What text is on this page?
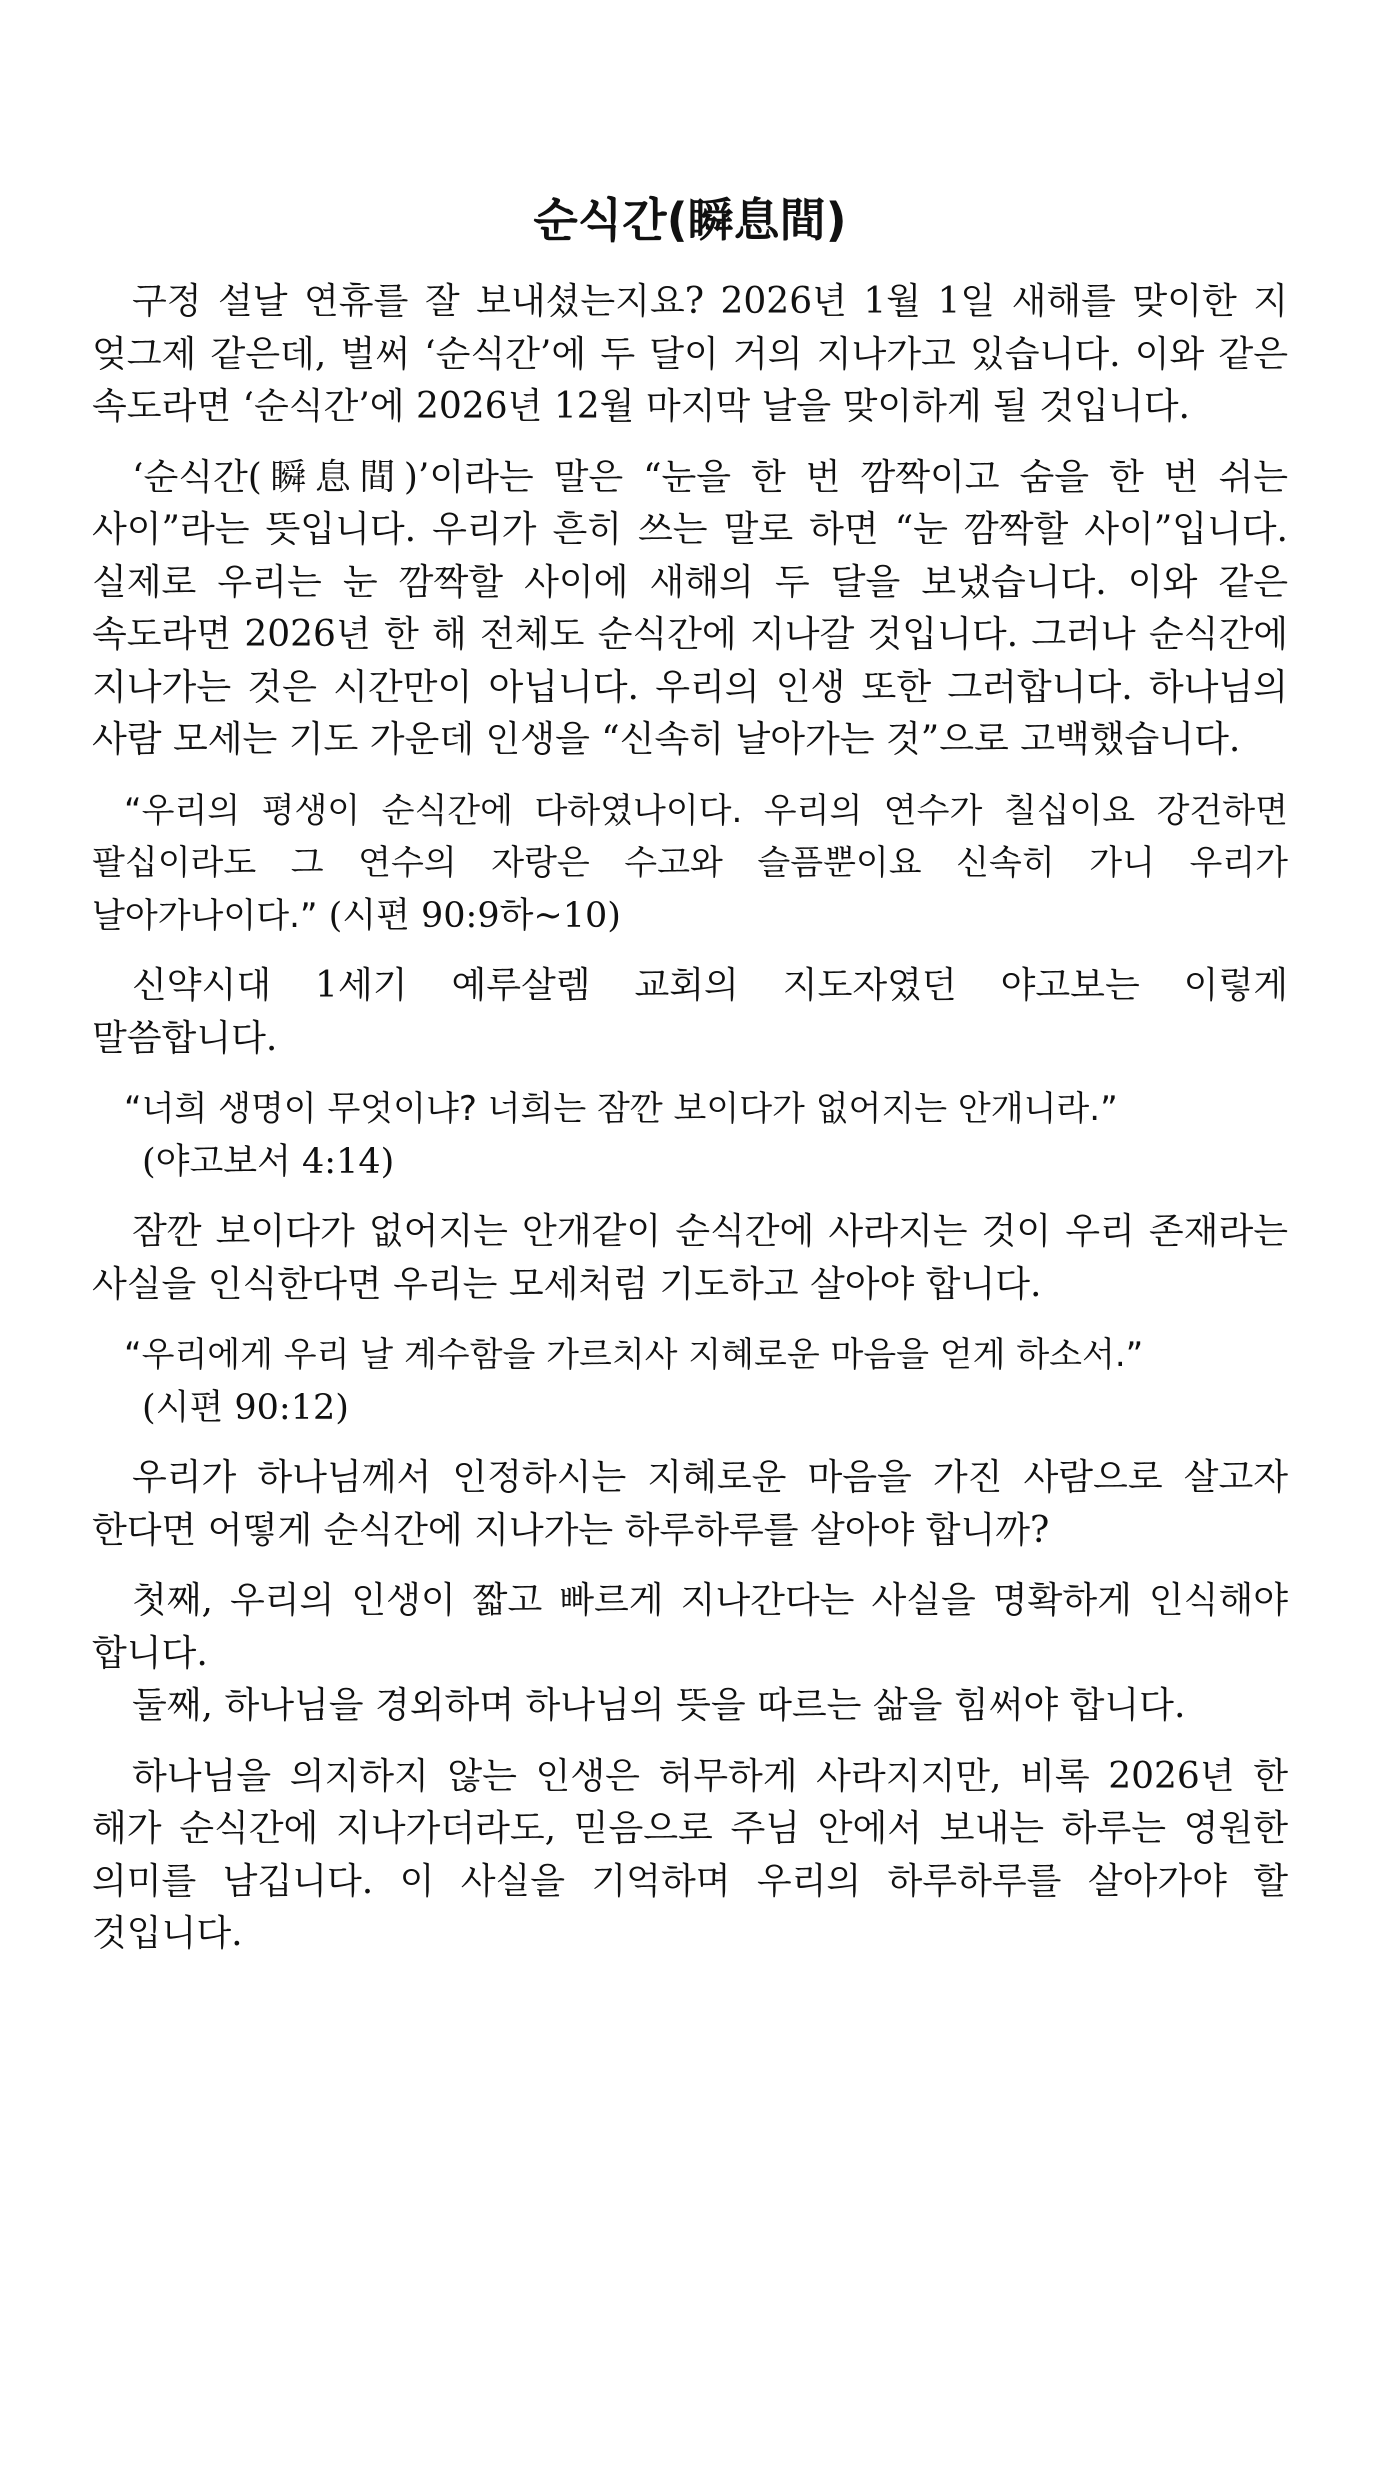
순식간(瞬息間)

구정 설날 연휴를 잘 보내셨는지요? 2026년 1월 1일 새해를 맞이한 지 엊그제 같은데, 벌써 ‘순식간’에 두 달이 거의 지나가고 있습니다. 이와 같은 속도라면 ‘순식간’에 2026년 12월 마지막 날을 맞이하게 될 것입니다.

‘순식간(瞬息間)’이라는 말은 “눈을 한 번 깜짝이고 숨을 한 번 쉬는 사이”라는 뜻입니다. 우리가 흔히 쓰는 말로 하면 “눈 깜짝할 사이”입니다. 실제로 우리는 눈 깜짝할 사이에 새해의 두 달을 보냈습니다. 이와 같은 속도라면 2026년 한 해 전체도 순식간에 지나갈 것입니다. 그러나 순식간에 지나가는 것은 시간만이 아닙니다. 우리의 인생 또한 그러합니다. 하나님의 사람 모세는 기도 가운데 인생을 “신속히 날아가는 것”으로 고백했습니다.

“우리의 평생이 순식간에 다하였나이다. 우리의 연수가 칠십이요 강건하면 팔십이라도 그 연수의 자랑은 수고와 슬픔뿐이요 신속히 가니 우리가 날아가나이다.” (시편 90:9하~10)

신약시대 1세기 예루살렘 교회의 지도자였던 야고보는 이렇게 말씀합니다.

“너희 생명이 무엇이냐? 너희는 잠깐 보이다가 없어지는 안개니라.”
(야고보서 4:14)

잠깐 보이다가 없어지는 안개같이 순식간에 사라지는 것이 우리 존재라는 사실을 인식한다면 우리는 모세처럼 기도하고 살아야 합니다.

“우리에게 우리 날 계수함을 가르치사 지혜로운 마음을 얻게 하소서.”
(시편 90:12)

우리가 하나님께서 인정하시는 지혜로운 마음을 가진 사람으로 살고자 한다면 어떻게 순식간에 지나가는 하루하루를 살아야 합니까?

첫째, 우리의 인생이 짧고 빠르게 지나간다는 사실을 명확하게 인식해야 합니다.

둘째, 하나님을 경외하며 하나님의 뜻을 따르는 삶을 힘써야 합니다.

하나님을 의지하지 않는 인생은 허무하게 사라지지만, 비록 2026년 한 해가 순식간에 지나가더라도, 믿음으로 주님 안에서 보내는 하루는 영원한 의미를 남깁니다. 이 사실을 기억하며 우리의 하루하루를 살아가야 할 것입니다.
